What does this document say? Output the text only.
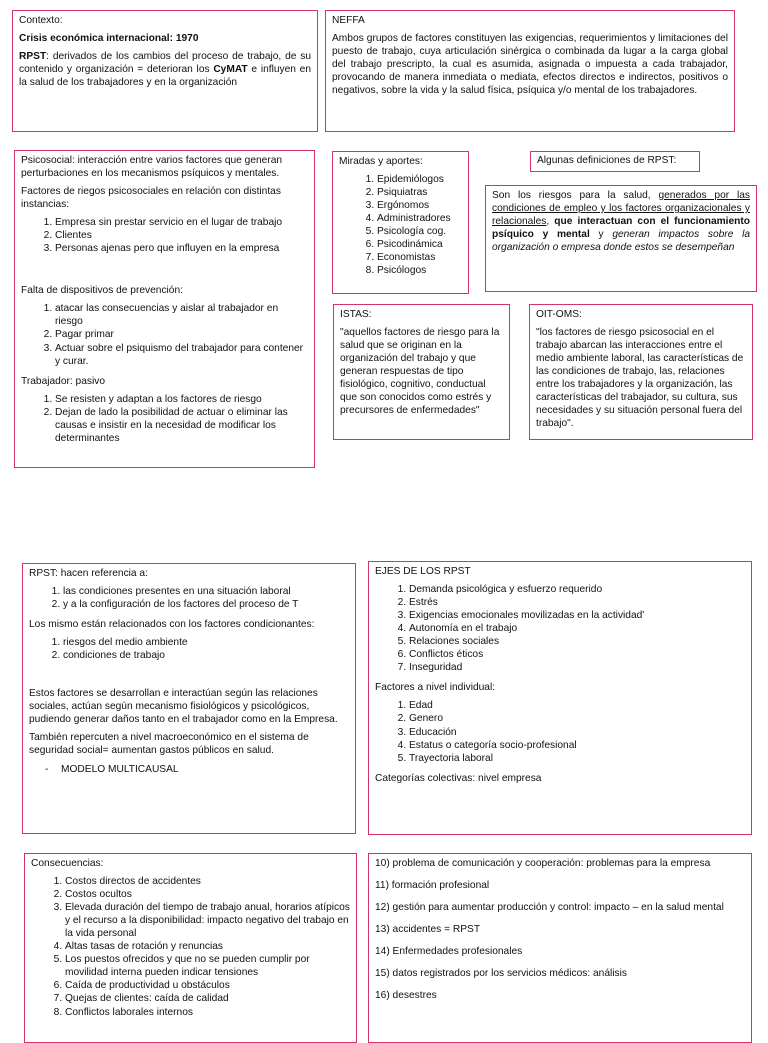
Contexto:

Crisis económica internacional: 1970

RPST: derivados de los cambios del proceso de trabajo, de su contenido y organización = deterioran los CyMAT e influyen en la salud de los trabajadores y en la organización

NEFFA

Ambos grupos de factores constituyen las exigencias, requerimientos y limitaciones del puesto de trabajo, cuya articulación sinérgica o combinada da lugar a la carga global del trabajo prescripto, la cual es asumida, asignada o impuesta a cada trabajador, provocando de manera inmediata o mediata, efectos directos e indirectos, positivos o negativos, sobre la vida y la salud física, psíquica y/o mental de los trabajadores.

Psicosocial: interacción entre varios factores que generan perturbaciones en los mecanismos psíquicos y mentales.

Factores de riegos psicosociales en relación con distintas instancias:

1. Empresa sin prestar servicio en el lugar de trabajo
2. Clientes
3. Personas ajenas pero que influyen en la empresa

Falta de dispositivos de prevención:

1. atacar las consecuencias y aislar al trabajador en riesgo
2. Pagar primar
3. Actuar sobre el psiquismo del trabajador para contener y curar.

Trabajador: pasivo

1. Se resisten y adaptan a los factores de riesgo
2. Dejan de lado la posibilidad de actuar o eliminar las causas e insistir en la necesidad de modificar los determinantes

Miradas y aportes:

1. Epidemiólogos
2. Psiquiatras
3. Ergónomos
4. Administradores
5. Psicología cog.
6. Psicodinámica
7. Economistas
8. Psicólogos
Algunas definiciones de RPST:

Son los riesgos para la salud, generados por las condiciones de empleo y los factores organizacionales y relacionales, que interactuan con el funcionamiento psíquico y mental y generan impactos sobre la organización o empresa donde estos se desempeñan

ISTAS:

"aquellos factores de riesgo para la salud que se originan en la organización del trabajo y que generan respuestas de tipo fisiológico, cognitivo, conductual que son conocidos como estrés y precursores de enfermedades"

OIT-OMS:

"los factores de riesgo psicosocial en el trabajo abarcan las interacciones entre el medio ambiente laboral, las características de las condiciones de trabajo, las, relaciones entre los trabajadores y la organización, las características del trabajador, su cultura, sus necesidades y su situación personal fuera del trabajo".

RPST: hacen referencia a:

1. las condiciones presentes en una situación laboral
2. y a la configuración de los factores del proceso de T

Los mismo están relacionados con los factores condicionantes:

1. riesgos del medio ambiente
2. condiciones de trabajo

Estos factores se desarrollan e interactúan según las relaciones sociales, actúan según mecanismo fisiológicos y psicológicos, pudiendo generar daños tanto en el trabajador como en la Empresa.

También repercuten a nivel macroeconómico en el sistema de seguridad social= aumentan gastos públicos en salud.

- MODELO MULTICAUSAL

EJES DE LOS RPST

1. Demanda psicológica y esfuerzo requerido
2. Estrés
3. Exigencias emocionales movilizadas en la actividad'
4. Autonomía en el trabajo
5. Relaciones sociales
6. Conflictos éticos
7. Inseguridad

Factores a nivel individual:

1. Edad
2. Genero
3. Educación
4. Estatus o categoría socio-profesional
5. Trayectoria laboral

Categorías colectivas: nivel empresa

Consecuencias:

1. Costos directos de accidentes
2. Costos ocultos
3. Elevada duración del tiempo de trabajo anual, horarios atípicos y el recurso a la disponibilidad: impacto negativo del trabajo en la vida personal
4. Altas tasas de rotación y renuncias
5. Los puestos ofrecidos y que no se pueden cumplir por movilidad interna pueden indicar tensiones
6. Caída de productividad u obstáculos
7. Quejas de clientes: caída de calidad
8. Conflictos laborales internos

10) problema de comunicación y cooperación: problemas para la empresa

11) formación profesional

12) gestión para aumentar producción y control: impacto – en la salud mental

13) accidentes = RPST

14) Enfermedades profesionales

15) datos registrados por los servicios médicos: análisis

16) desestres
